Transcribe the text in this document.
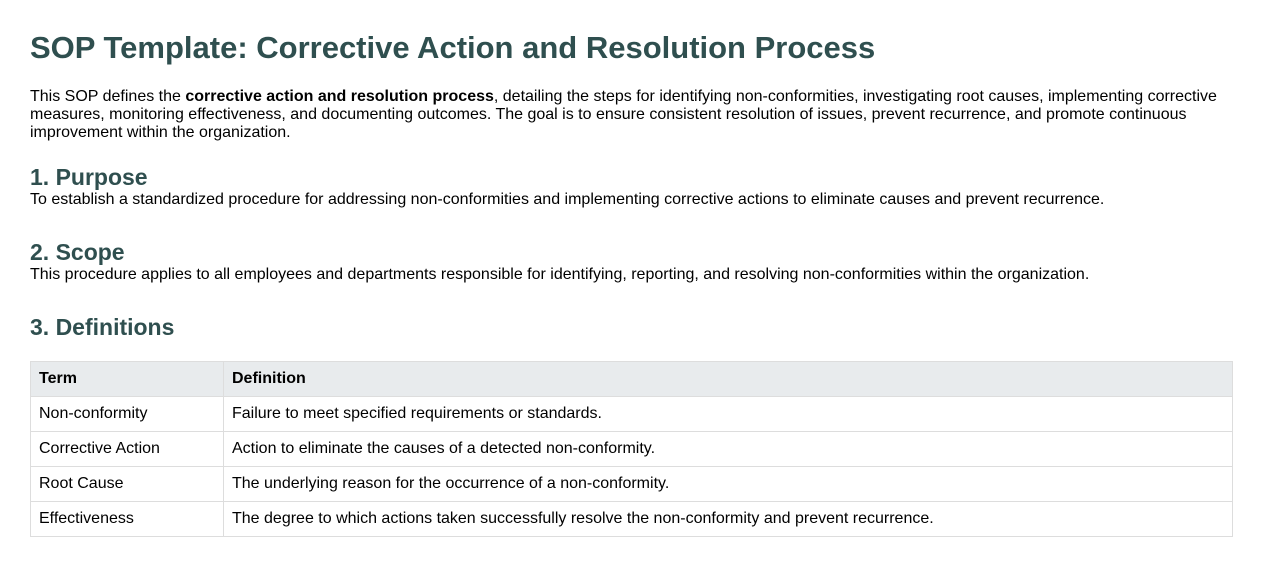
SOP Template: Corrective Action and Resolution Process

This SOP defines the corrective action and resolution process, detailing the steps for identifying non-conformities, investigating root causes, implementing corrective measures, monitoring effectiveness, and documenting outcomes. The goal is to ensure consistent resolution of issues, prevent recurrence, and promote continuous improvement within the organization.

1. Purpose

To establish a standardized procedure for addressing non-conformities and implementing corrective actions to eliminate causes and prevent recurrence.

2. Scope

This procedure applies to all employees and departments responsible for identifying, reporting, and resolving non-conformities within the organization.

3. Definitions
Term	Definition
Non-conformity	Failure to meet specified requirements or standards.
Corrective Action	Action to eliminate the causes of a detected non-conformity.
Root Cause	The underlying reason for the occurrence of a non-conformity.
Effectiveness	The degree to which actions taken successfully resolve the non-conformity and prevent recurrence.
